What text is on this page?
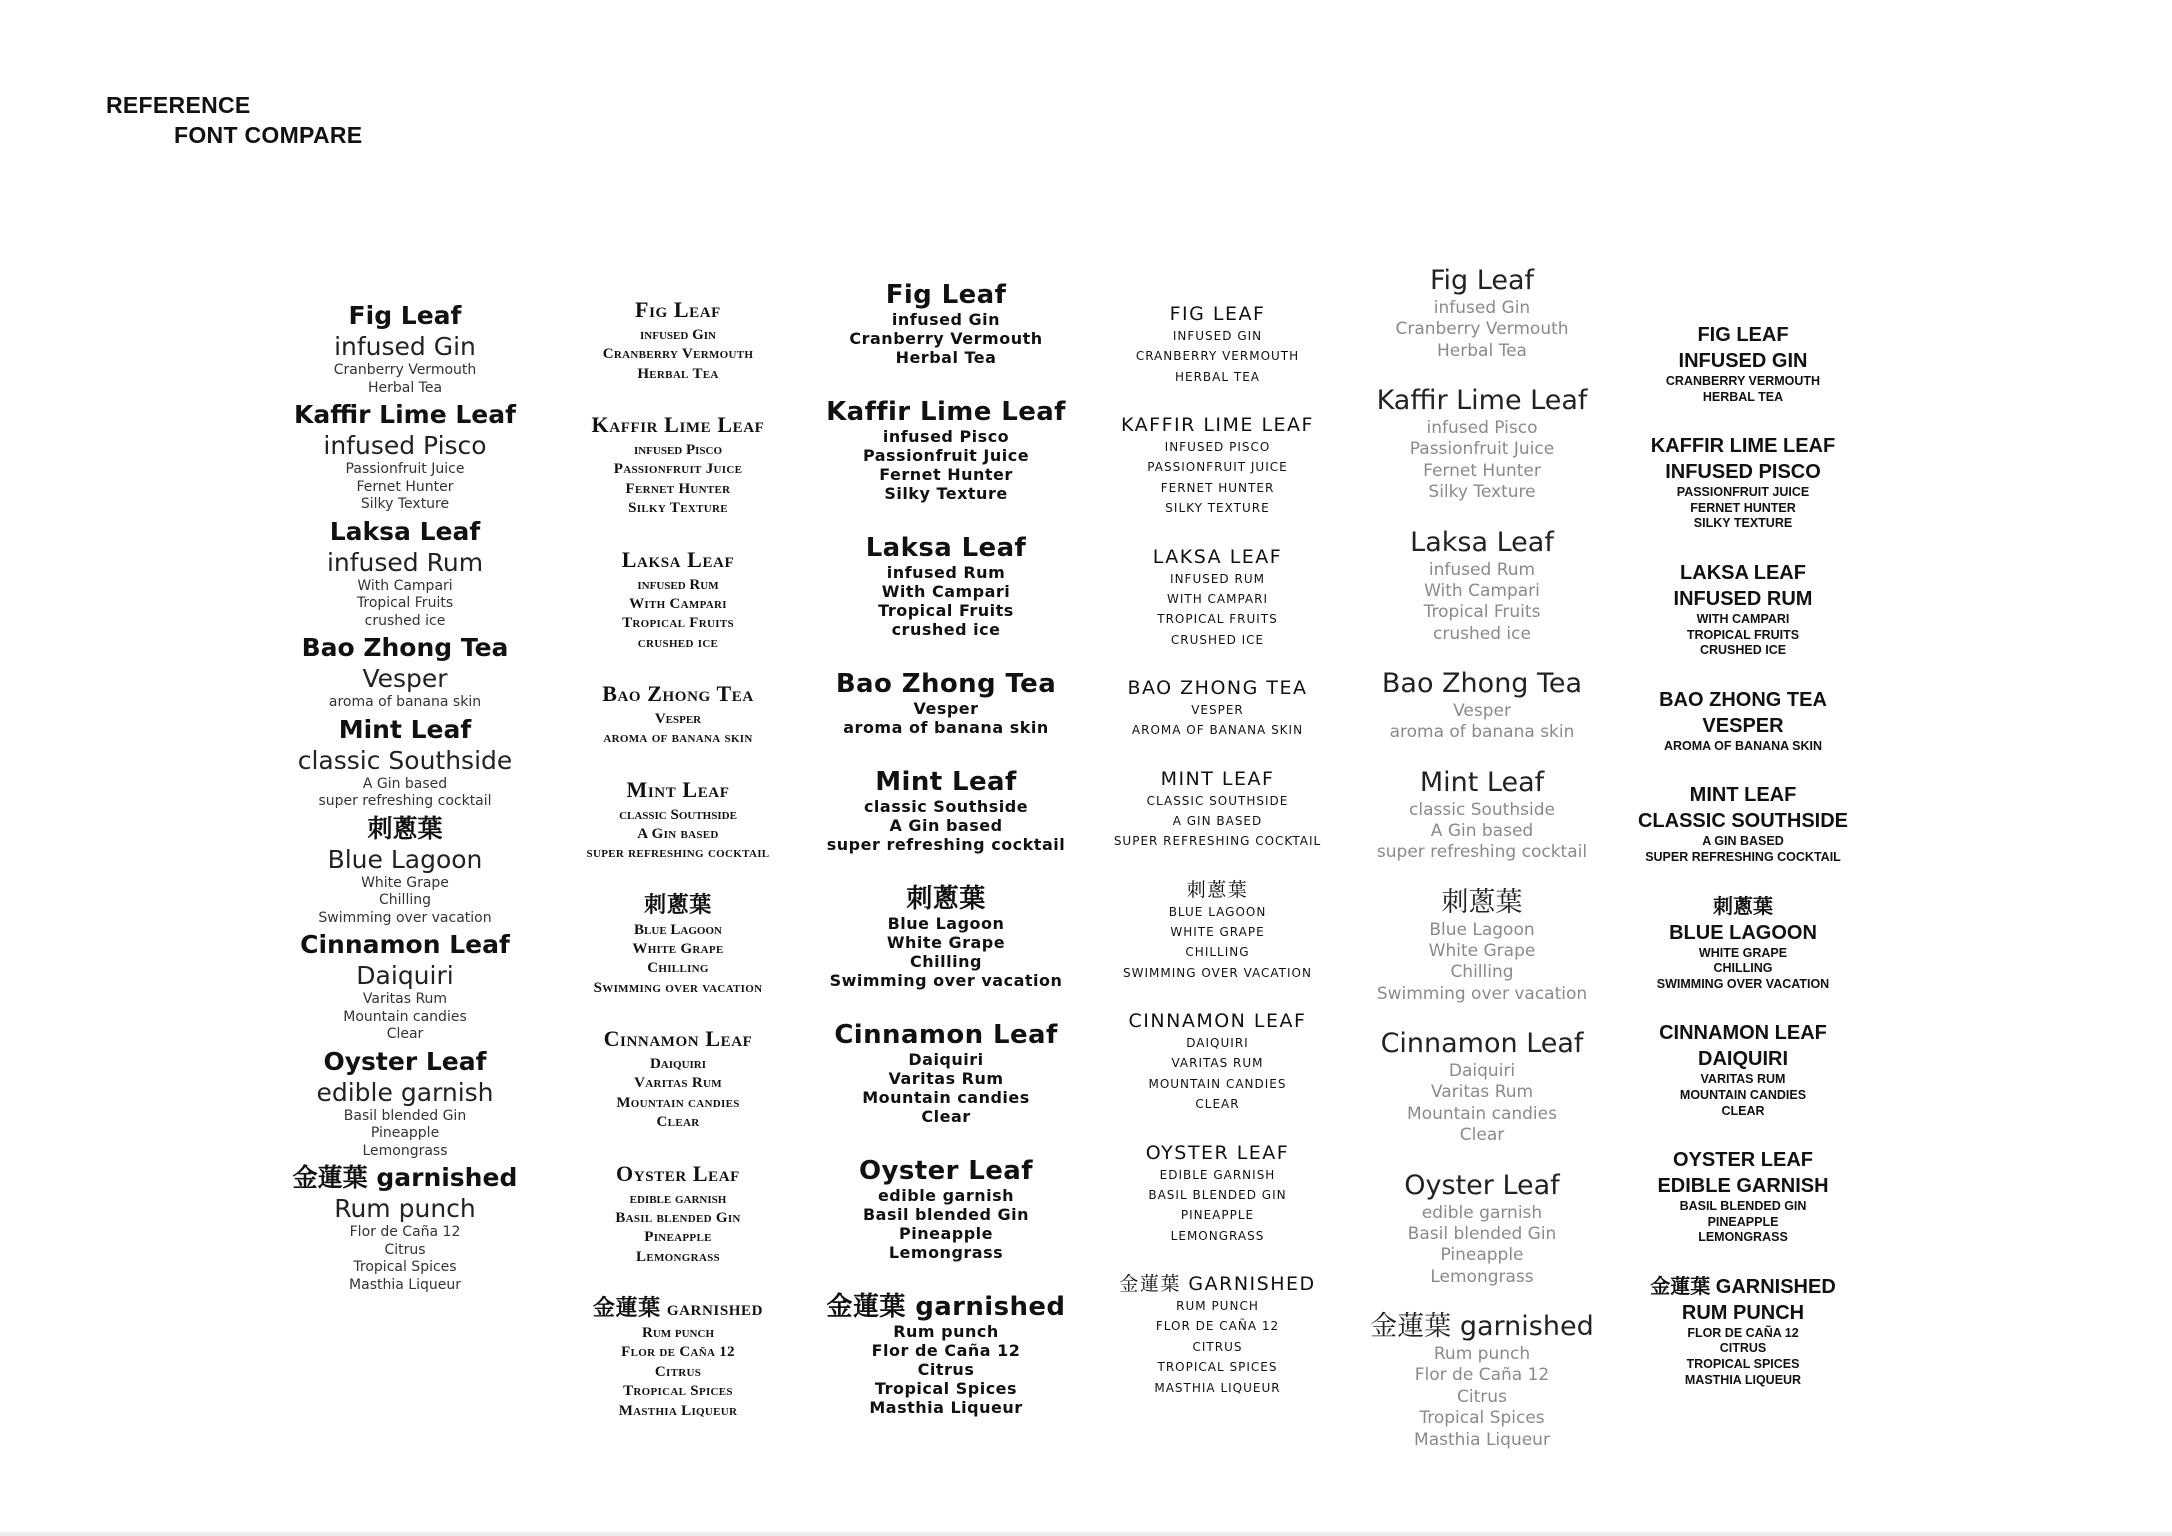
REFERENCE
FONT COMPARE
Fig Leaf
infused Gin
Cranberry Vermouth
Herbal Tea
Kaffir Lime Leaf
infused Pisco
Passionfruit Juice
Fernet Hunter
Silky Texture
Laksa Leaf
infused Rum
With Campari
Tropical Fruits
crushed ice
Bao Zhong Tea
Vesper
aroma of banana skin
Mint Leaf
classic Southside
A Gin based
super refreshing cocktail
刺蔥葉
Blue Lagoon
White Grape
Chilling
Swimming over vacation
Cinnamon Leaf
Daiquiri
Varitas Rum
Mountain candies
Clear
Oyster Leaf
edible garnish
Basil blended Gin
Pineapple
Lemongrass
金蓮葉 garnished
Rum punch
Flor de Caña 12
Citrus
Tropical Spices
Masthia Liqueur
Fig Leaf
infused Gin
Cranberry Vermouth
Herbal Tea
Kaffir Lime Leaf
infused Pisco
Passionfruit Juice
Fernet Hunter
Silky Texture
Laksa Leaf
infused Rum
With Campari
Tropical Fruits
crushed ice
Bao Zhong Tea
Vesper
aroma of banana skin
Mint Leaf
classic Southside
A Gin based
super refreshing cocktail
刺蔥葉
Blue Lagoon
White Grape
Chilling
Swimming over vacation
Cinnamon Leaf
Daiquiri
Varitas Rum
Mountain candies
Clear
Oyster Leaf
edible garnish
Basil blended Gin
Pineapple
Lemongrass
金蓮葉 garnished
Rum punch
Flor de Caña 12
Citrus
Tropical Spices
Masthia Liqueur
Fig Leaf
infused Gin
Cranberry Vermouth
Herbal Tea
Kaffir Lime Leaf
infused Pisco
Passionfruit Juice
Fernet Hunter
Silky Texture
Laksa Leaf
infused Rum
With Campari
Tropical Fruits
crushed ice
Bao Zhong Tea
Vesper
aroma of banana skin
Mint Leaf
classic Southside
A Gin based
super refreshing cocktail
刺蔥葉
Blue Lagoon
White Grape
Chilling
Swimming over vacation
Cinnamon Leaf
Daiquiri
Varitas Rum
Mountain candies
Clear
Oyster Leaf
edible garnish
Basil blended Gin
Pineapple
Lemongrass
金蓮葉 garnished
Rum punch
Flor de Caña 12
Citrus
Tropical Spices
Masthia Liqueur
FIG LEAF
INFUSED GIN
CRANBERRY VERMOUTH
HERBAL TEA
KAFFIR LIME LEAF
INFUSED PISCO
PASSIONFRUIT JUICE
FERNET HUNTER
SILKY TEXTURE
LAKSA LEAF
INFUSED RUM
WITH CAMPARI
TROPICAL FRUITS
CRUSHED ICE
BAO ZHONG TEA
VESPER
AROMA OF BANANA SKIN
MINT LEAF
CLASSIC SOUTHSIDE
A GIN BASED
SUPER REFRESHING COCKTAIL
刺蔥葉
BLUE LAGOON
WHITE GRAPE
CHILLING
SWIMMING OVER VACATION
CINNAMON LEAF
DAIQUIRI
VARITAS RUM
MOUNTAIN CANDIES
CLEAR
OYSTER LEAF
EDIBLE GARNISH
BASIL BLENDED GIN
PINEAPPLE
LEMONGRASS
金蓮葉 GARNISHED
RUM PUNCH
FLOR DE CAÑA 12
CITRUS
TROPICAL SPICES
MASTHIA LIQUEUR
Fig Leaf
infused Gin
Cranberry Vermouth
Herbal Tea
Kaffir Lime Leaf
infused Pisco
Passionfruit Juice
Fernet Hunter
Silky Texture
Laksa Leaf
infused Rum
With Campari
Tropical Fruits
crushed ice
Bao Zhong Tea
Vesper
aroma of banana skin
Mint Leaf
classic Southside
A Gin based
super refreshing cocktail
刺蔥葉
Blue Lagoon
White Grape
Chilling
Swimming over vacation
Cinnamon Leaf
Daiquiri
Varitas Rum
Mountain candies
Clear
Oyster Leaf
edible garnish
Basil blended Gin
Pineapple
Lemongrass
金蓮葉 garnished
Rum punch
Flor de Caña 12
Citrus
Tropical Spices
Masthia Liqueur
FIG LEAF
INFUSED GIN
CRANBERRY VERMOUTH
HERBAL TEA
KAFFIR LIME LEAF
INFUSED PISCO
PASSIONFRUIT JUICE
FERNET HUNTER
SILKY TEXTURE
LAKSA LEAF
INFUSED RUM
WITH CAMPARI
TROPICAL FRUITS
CRUSHED ICE
BAO ZHONG TEA
VESPER
AROMA OF BANANA SKIN
MINT LEAF
CLASSIC SOUTHSIDE
A GIN BASED
SUPER REFRESHING COCKTAIL
刺蔥葉
BLUE LAGOON
WHITE GRAPE
CHILLING
SWIMMING OVER VACATION
CINNAMON LEAF
DAIQUIRI
VARITAS RUM
MOUNTAIN CANDIES
CLEAR
OYSTER LEAF
EDIBLE GARNISH
BASIL BLENDED GIN
PINEAPPLE
LEMONGRASS
金蓮葉 GARNISHED
RUM PUNCH
FLOR DE CAÑA 12
CITRUS
TROPICAL SPICES
MASTHIA LIQUEUR
